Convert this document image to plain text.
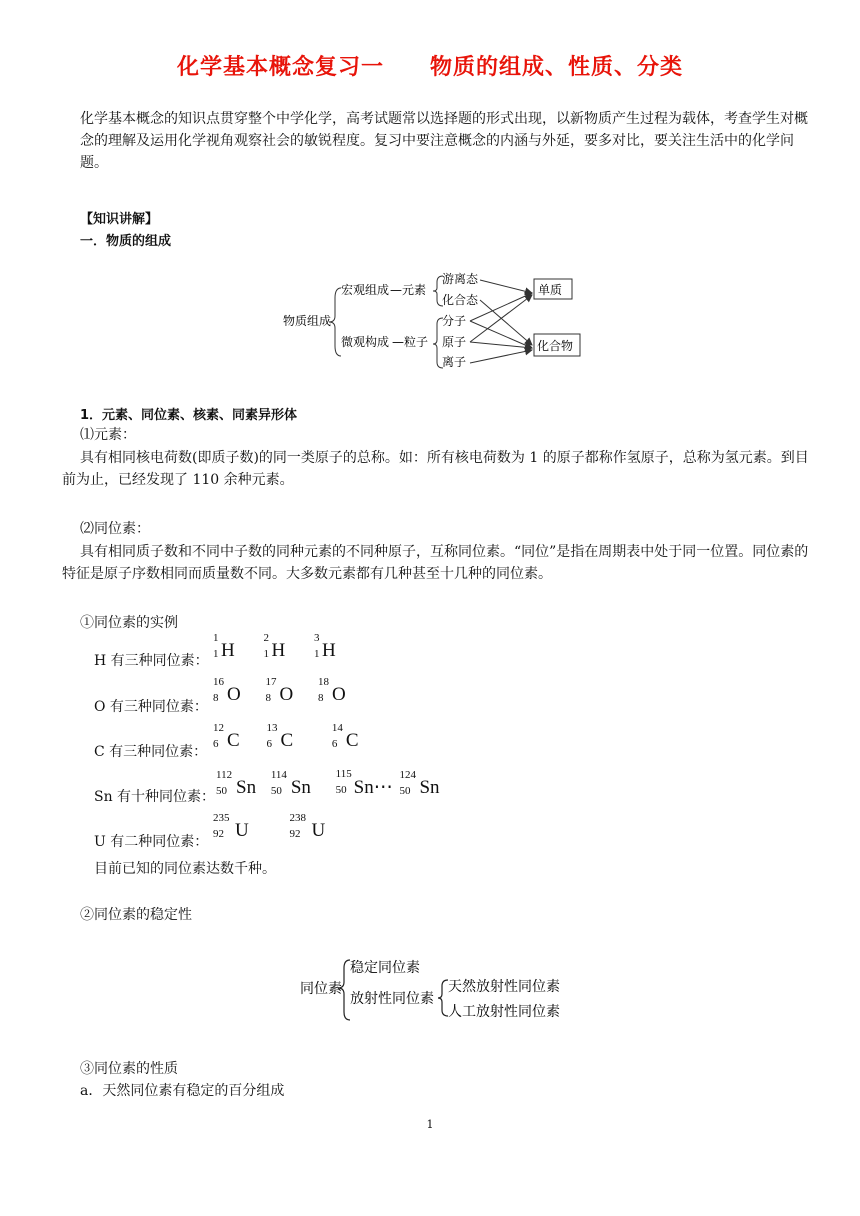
化学基本概念复习一　　物质的组成、性质、分类
化学基本概念的知识点贯穿整个中学化学，高考试题常以选择题的形式出现，以新物质产生过程为载体，考查学生对概念的理解及运用化学视角观察社会的敏锐程度。复习中要注意概念的内涵与外延，要多对比，要关注生活中的化学问题。
【知识讲解】
一．物质的组成
物质组成
宏观组成 —元素
微观构成 —粒子
游离态
化合态
分子
原子
离子
单质
化合物
1．元素、同位素、核素、同素异形体
⑴元素：
具有相同核电荷数(即质子数)的同一类原子的总称。如：所有核电荷数为 1 的原子都称作氢原子，总称为氢元素。到目前为止，已经发现了 110 余种元素。
⑵同位素：
具有相同质子数和不同中子数的同种元素的不同种原子，互称同位素。“同位”是指在周期表中处于同一位置。同位素的特征是原子序数相同而质量数不同。大多数元素都有几种甚至十几种的同位素。
①同位素的实例
H 有三种同位素：
1
1 H
2
1 H
3
1 H
O 有三种同位素：
16
8 O
17
8 O
18
8 O
C 有三种同位素：
12
6 C
13
6 C
14
6 C
Sn 有十种同位素：
112
50 Sn
114
50 Sn
115
50 Sn⋯
124
50 Sn
U 有二种同位素：
235
92 U
238
92 U
目前已知的同位素达数千种。
②同位素的稳定性
同位素
稳定同位素
放射性同位素
天然放射性同位素
人工放射性同位素
③同位素的性质
a．天然同位素有稳定的百分组成
1
